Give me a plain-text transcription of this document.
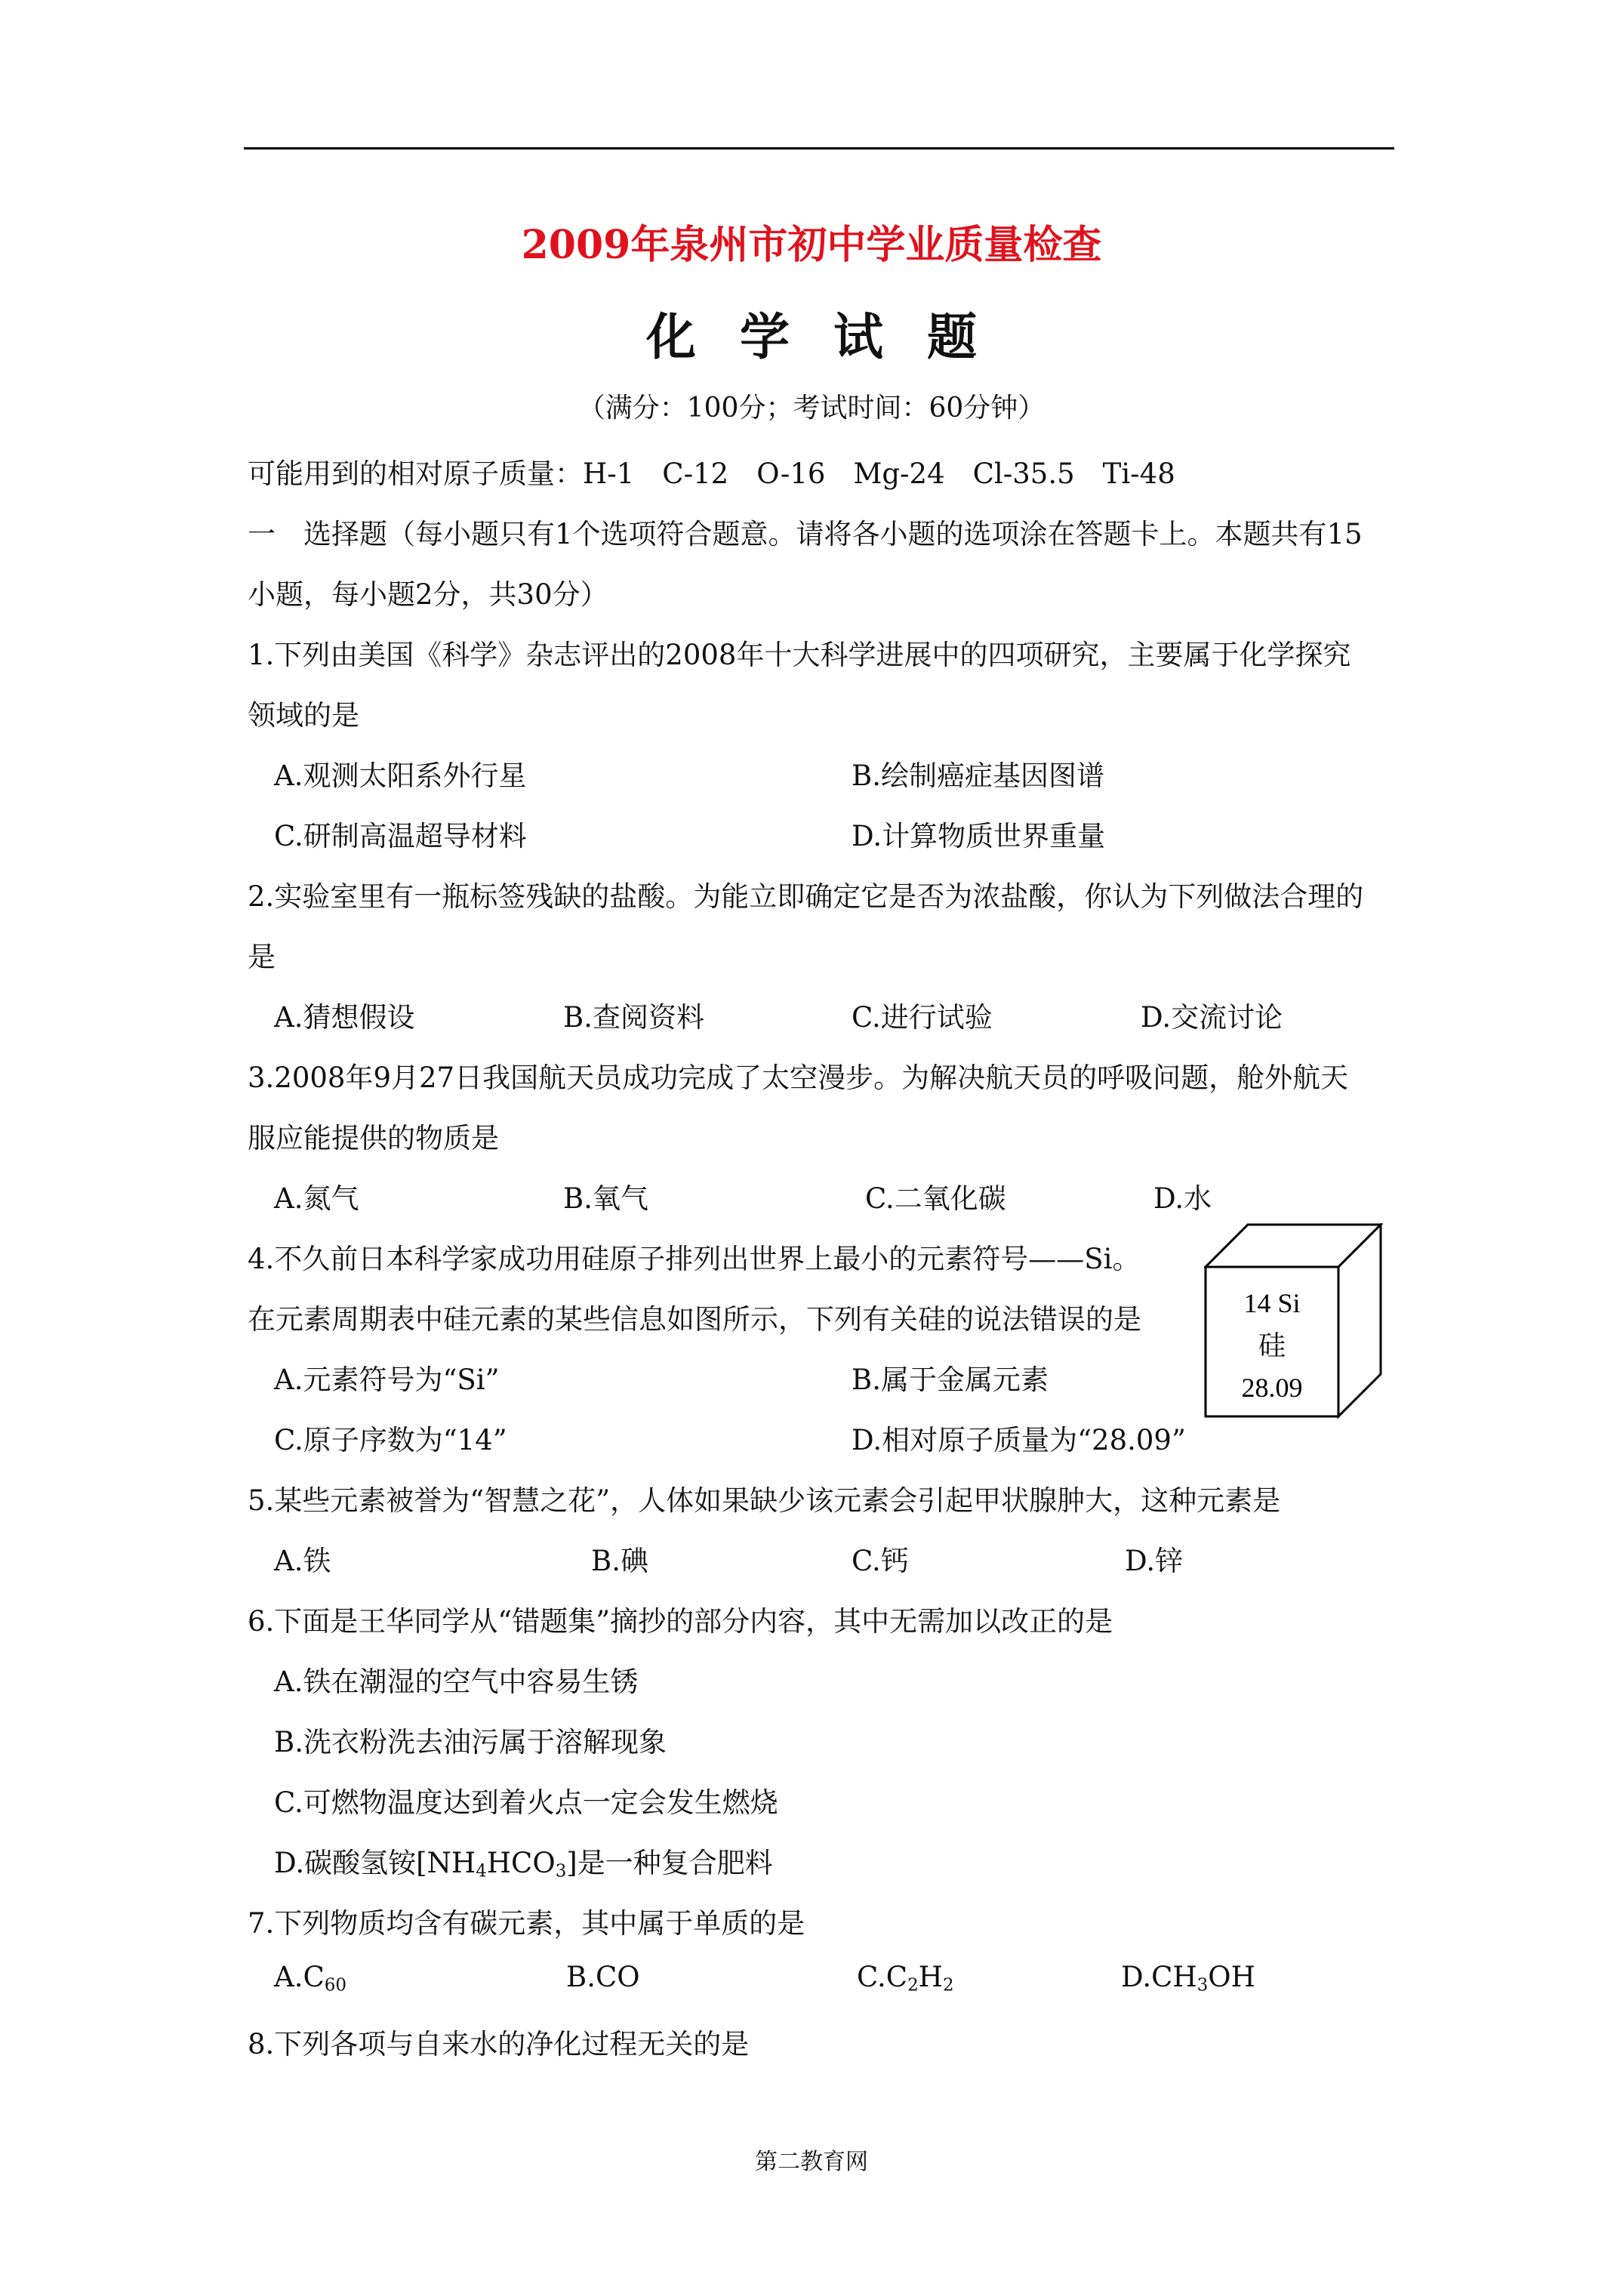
2009年泉州市初中学业质量检查
化学试题
（满分：100分；考试时间：60分钟）
可能用到的相对原子质量：H-1　C-12　O-16　Mg-24　Cl-35.5　Ti-48
一　选择题（每小题只有1个选项符合题意。请将各小题的选项涂在答题卡上。本题共有15
小题，每小题2分，共30分）
1.下列由美国《科学》杂志评出的2008年十大科学进展中的四项研究，主要属于化学探究
领域的是
A.观测太阳系外行星	B.绘制癌症基因图谱
C.研制高温超导材料	D.计算物质世界重量
2.实验室里有一瓶标签残缺的盐酸。为能立即确定它是否为浓盐酸，你认为下列做法合理的
是
A.猜想假设	B.查阅资料	C.进行试验	D.交流讨论
3.2008年9月27日我国航天员成功完成了太空漫步。为解决航天员的呼吸问题，舱外航天
服应能提供的物质是
A.氮气	B.氧气	C.二氧化碳	D.水
4.不久前日本科学家成功用硅原子排列出世界上最小的元素符号——Si。
在元素周期表中硅元素的某些信息如图所示，下列有关硅的说法错误的是
A.元素符号为“Si”	B.属于金属元素
C.原子序数为“14”	D.相对原子质量为“28.09”
14 Si
硅
28.09
5.某些元素被誉为“智慧之花”，人体如果缺少该元素会引起甲状腺肿大，这种元素是
A.铁	B.碘	C.钙	D.锌
6.下面是王华同学从“错题集”摘抄的部分内容，其中无需加以改正的是
A.铁在潮湿的空气中容易生锈
B.洗衣粉洗去油污属于溶解现象
C.可燃物温度达到着火点一定会发生燃烧
D.碳酸氢铵$[NH_4HCO_3]$是一种复合肥料
7.下列物质均含有碳元素，其中属于单质的是
$A.C_{60}$	B.CO	$C.C_2H_2$	$D.CH_3OH$
8.下列各项与自来水的净化过程无关的是
第二教育网
